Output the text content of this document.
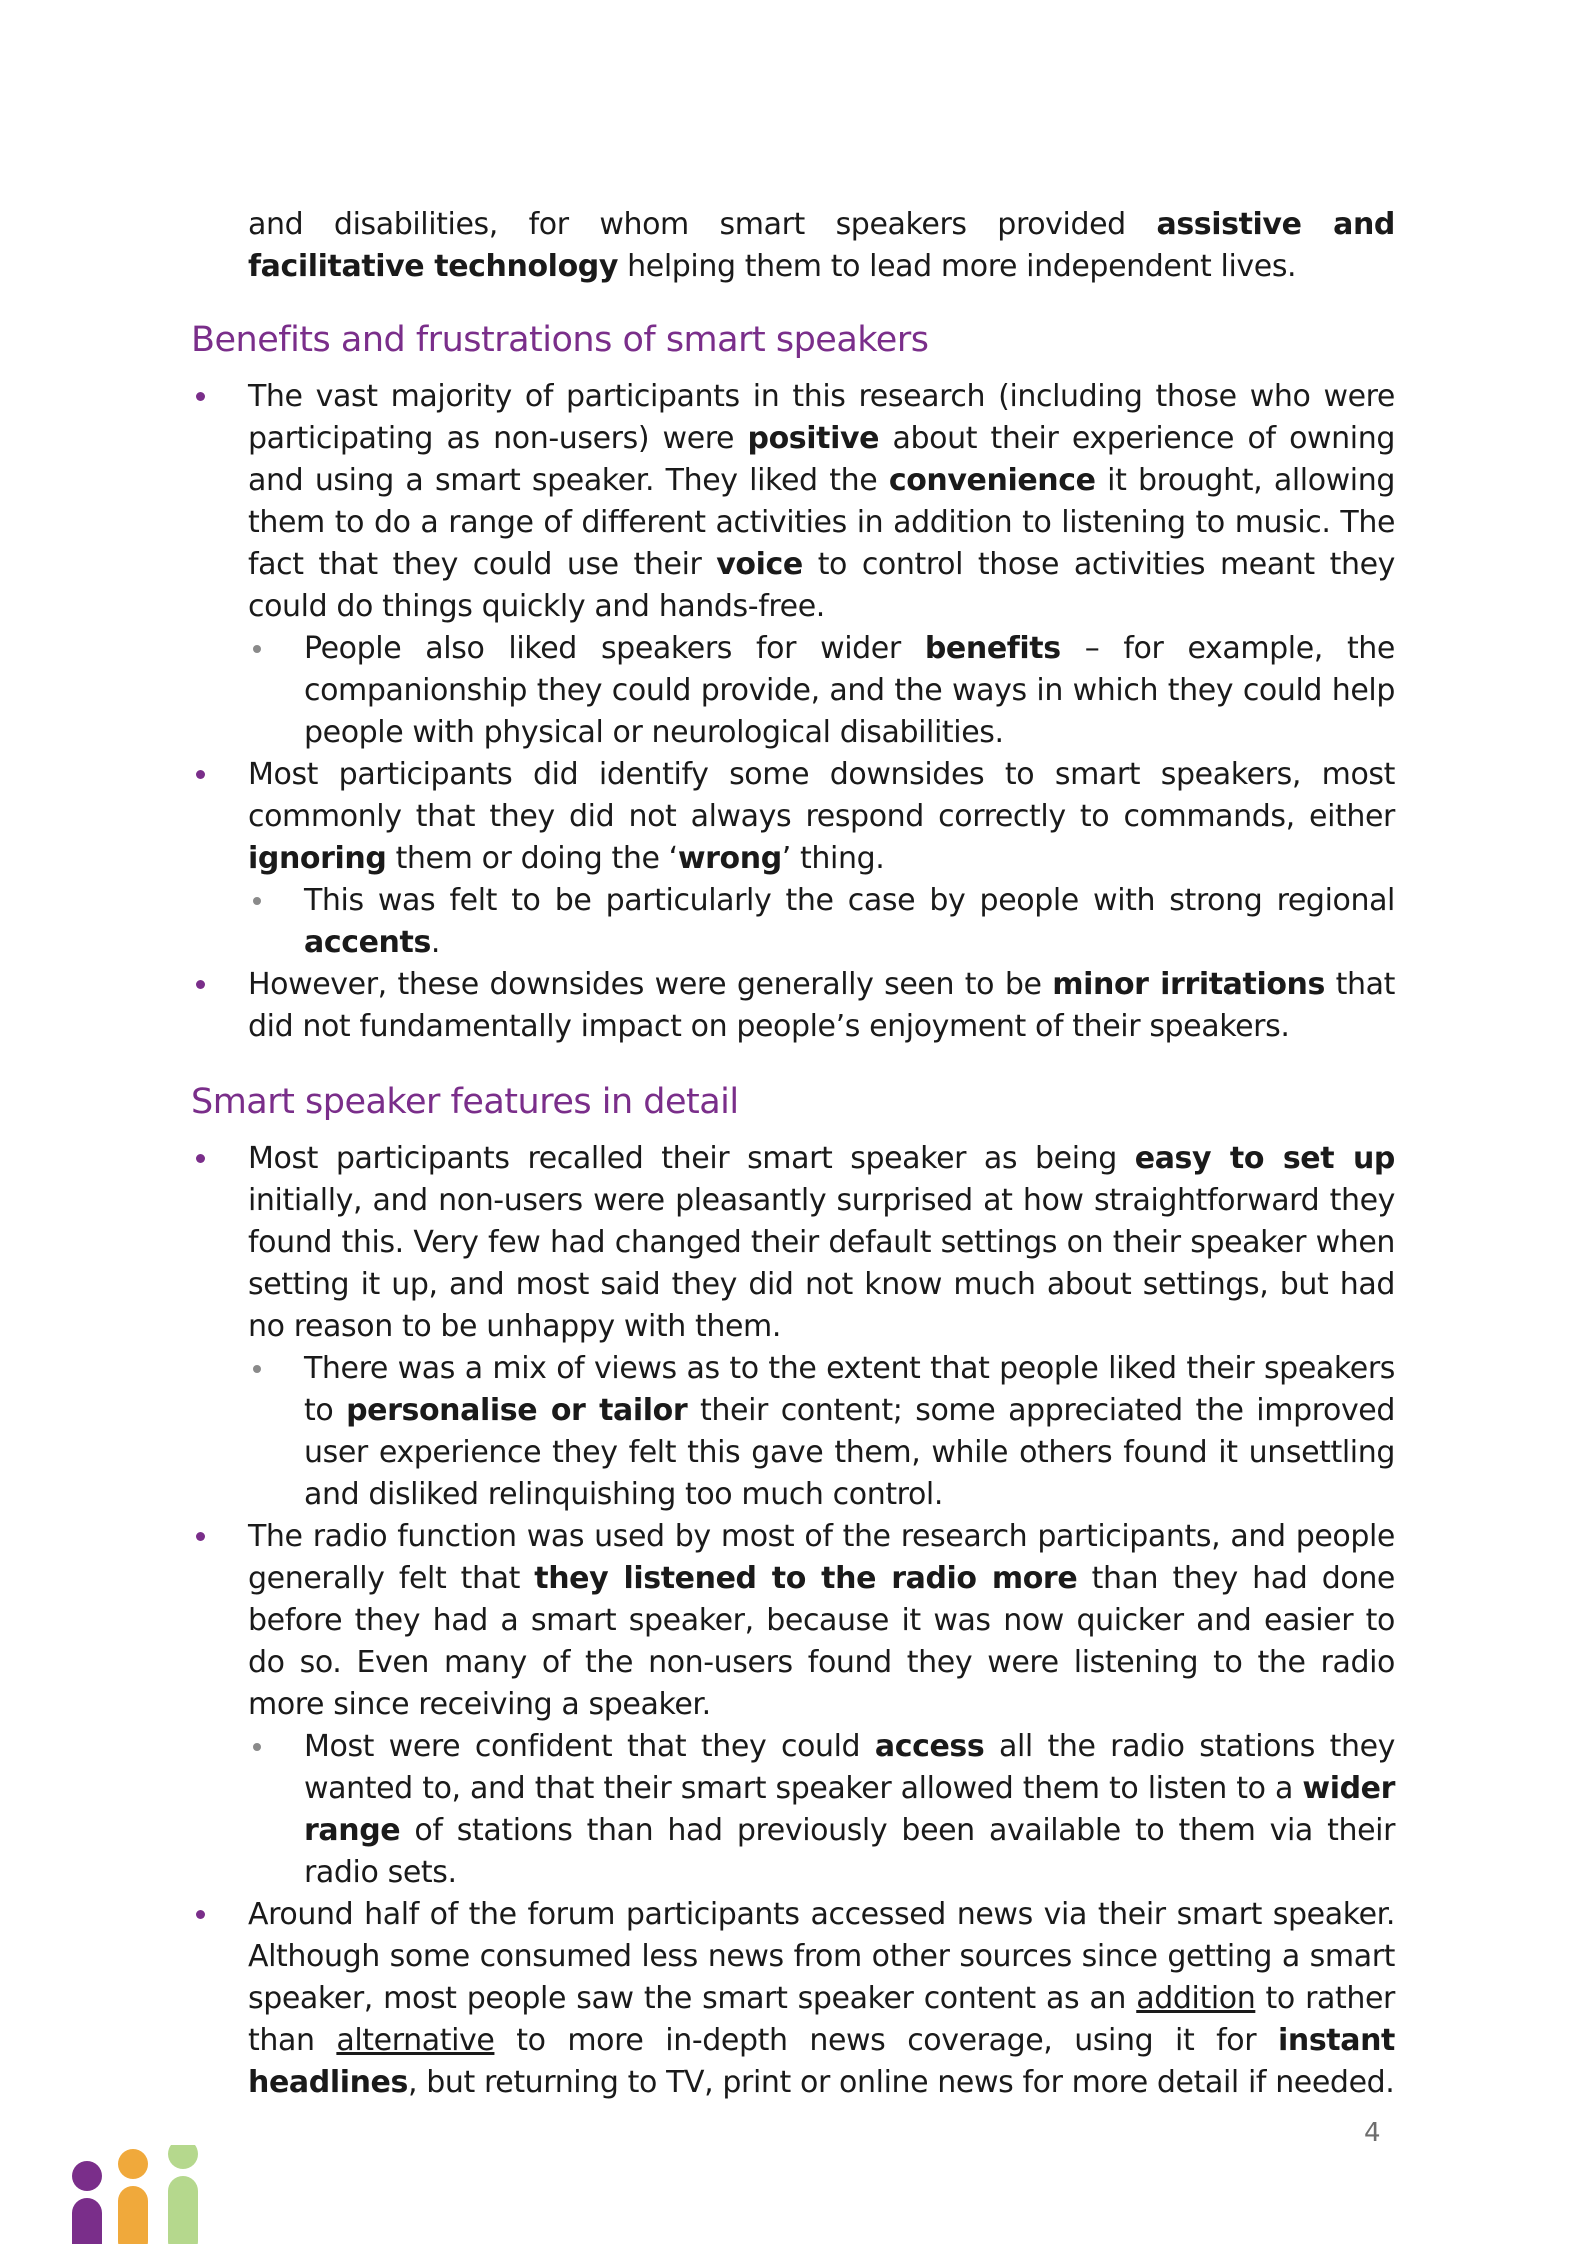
and disabilities, for whom smart speakers provided assistive and facilitative technology helping them to lead more independent lives.

Benefits and frustrations of smart speakers
The vast majority of participants in this research (including those who were participating as non-users) were positive about their experience of owning and using a smart speaker. They liked the convenience it brought, allowing them to do a range of different activities in addition to listening to music. The fact that they could use their voice to control those activities meant they could do things quickly and hands-free.
People also liked speakers for wider benefits – for example, the companionship they could provide, and the ways in which they could help people with physical or neurological disabilities.
Most participants did identify some downsides to smart speakers, most commonly that they did not always respond correctly to commands, either ignoring them or doing the ‘wrong’ thing.
This was felt to be particularly the case by people with strong regional accents.
However, these downsides were generally seen to be minor irritations that did not fundamentally impact on people’s enjoyment of their speakers.
Smart speaker features in detail
Most participants recalled their smart speaker as being easy to set up initially, and non-users were pleasantly surprised at how straightforward they found this. Very few had changed their default settings on their speaker when setting it up, and most said they did not know much about settings, but had no reason to be unhappy with them.
There was a mix of views as to the extent that people liked their speakers to personalise or tailor their content; some appreciated the improved user experience they felt this gave them, while others found it unsettling and disliked relinquishing too much control.
The radio function was used by most of the research participants, and people generally felt that they listened to the radio more than they had done before they had a smart speaker, because it was now quicker and easier to do so. Even many of the non-users found they were listening to the radio more since receiving a speaker.
Most were confident that they could access all the radio stations they wanted to, and that their smart speaker allowed them to listen to a wider range of stations than had previously been available to them via their radio sets.
Around half of the forum participants accessed news via their smart speaker. Although some consumed less news from other sources since getting a smart speaker, most people saw the smart speaker content as an addition to rather than alternative to more in-depth news coverage, using it for instant headlines, but returning to TV, print or online news for more detail if needed.
4
